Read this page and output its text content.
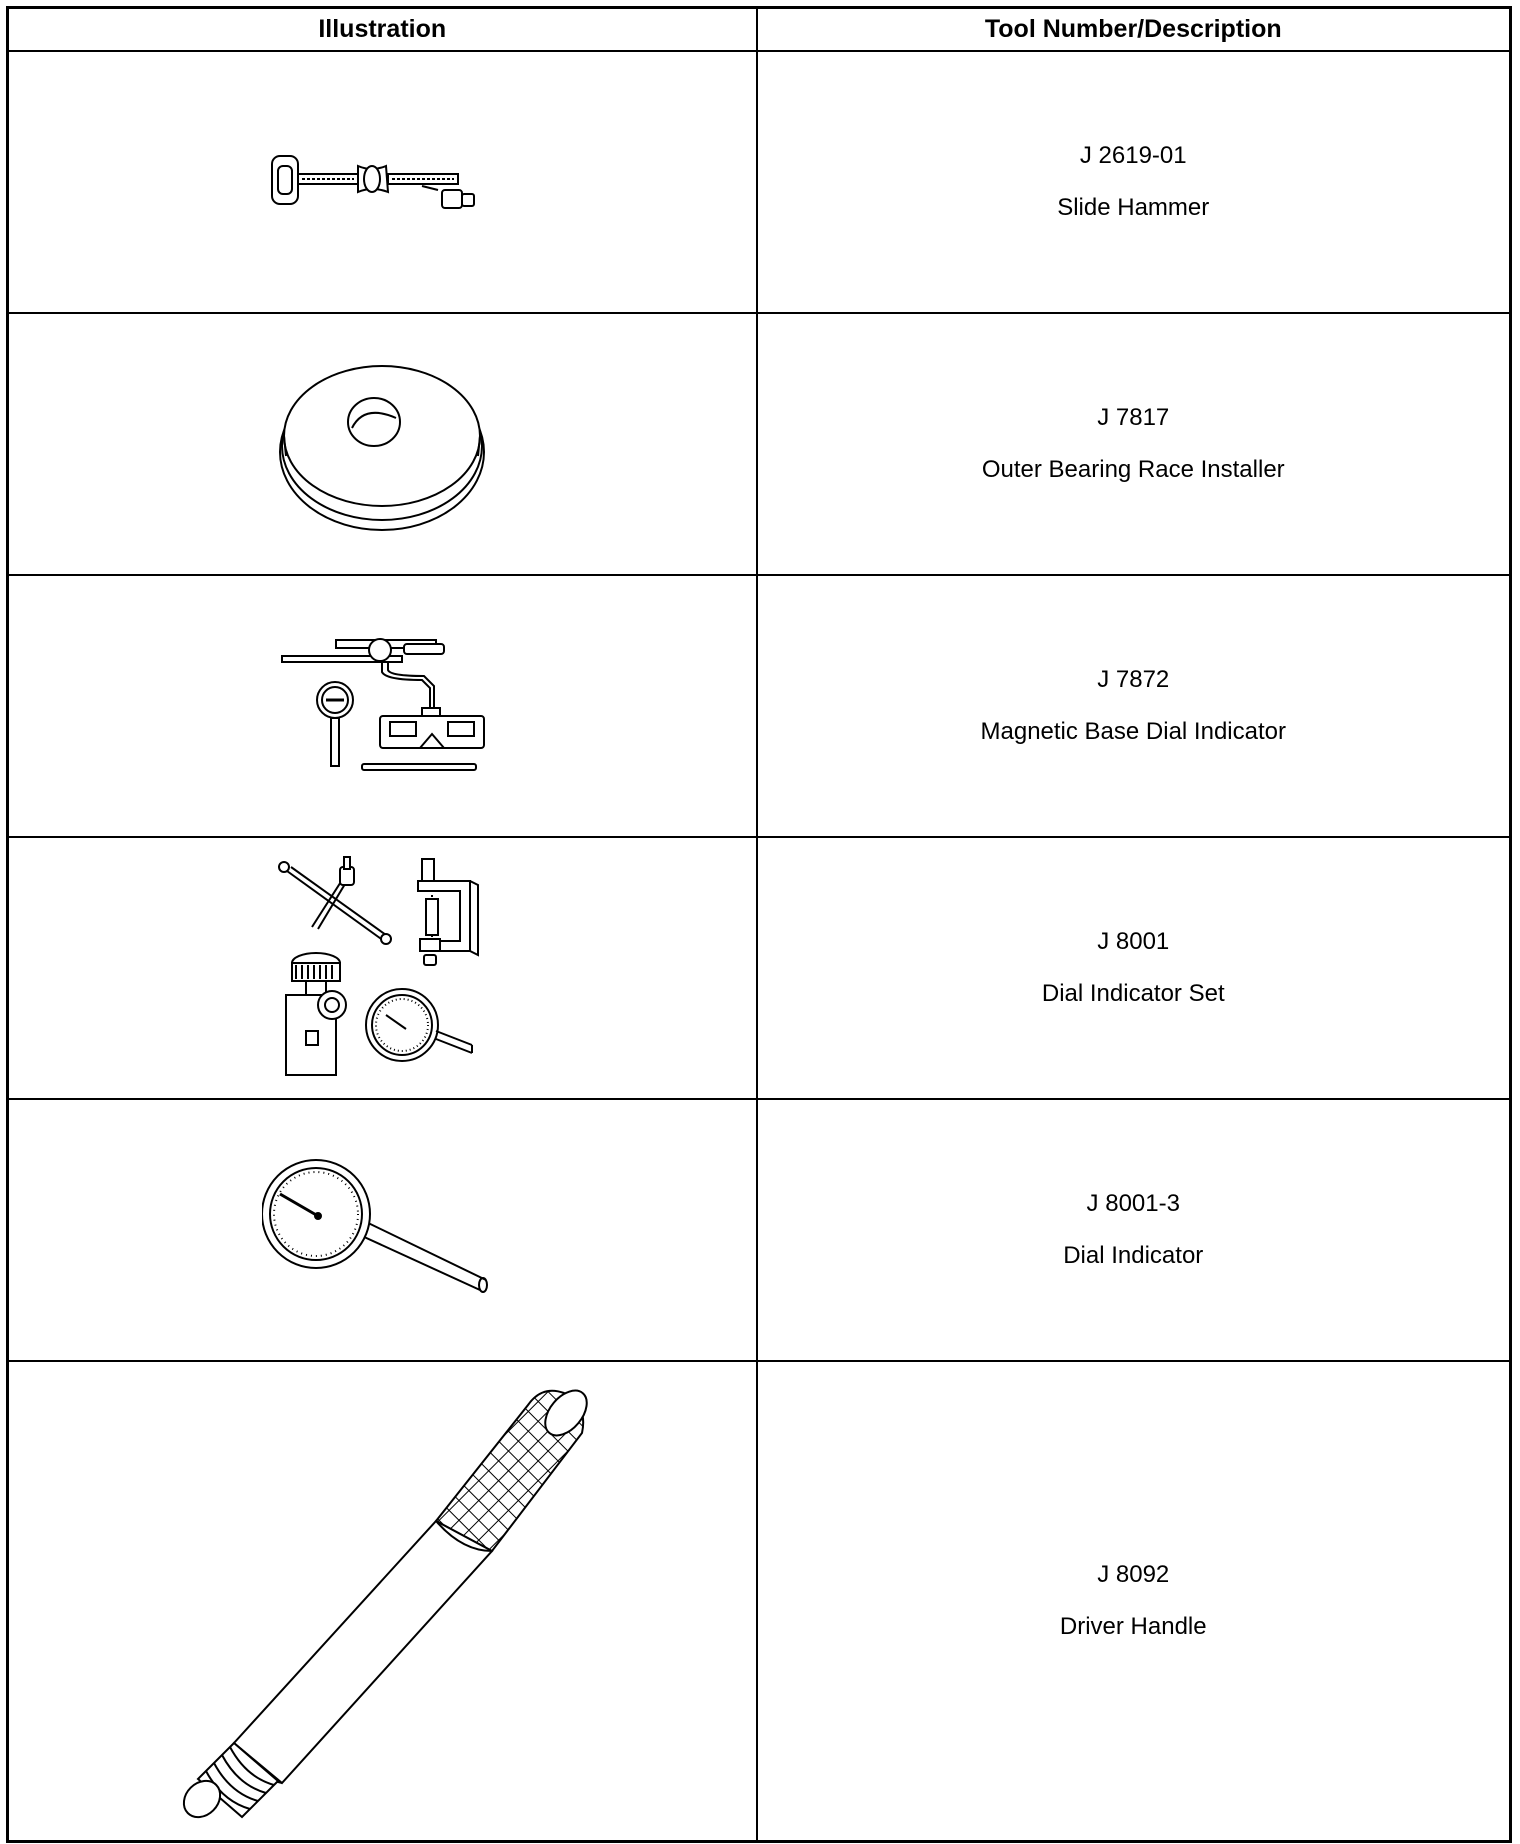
Illustration	Tool Number/Description

J 2619-01
Slide Hammer

J 7817
Outer Bearing Race Installer

J 7872
Magnetic Base Dial Indicator

J 8001
Dial Indicator Set

J 8001-3
Dial Indicator

J 8092
Driver Handle
